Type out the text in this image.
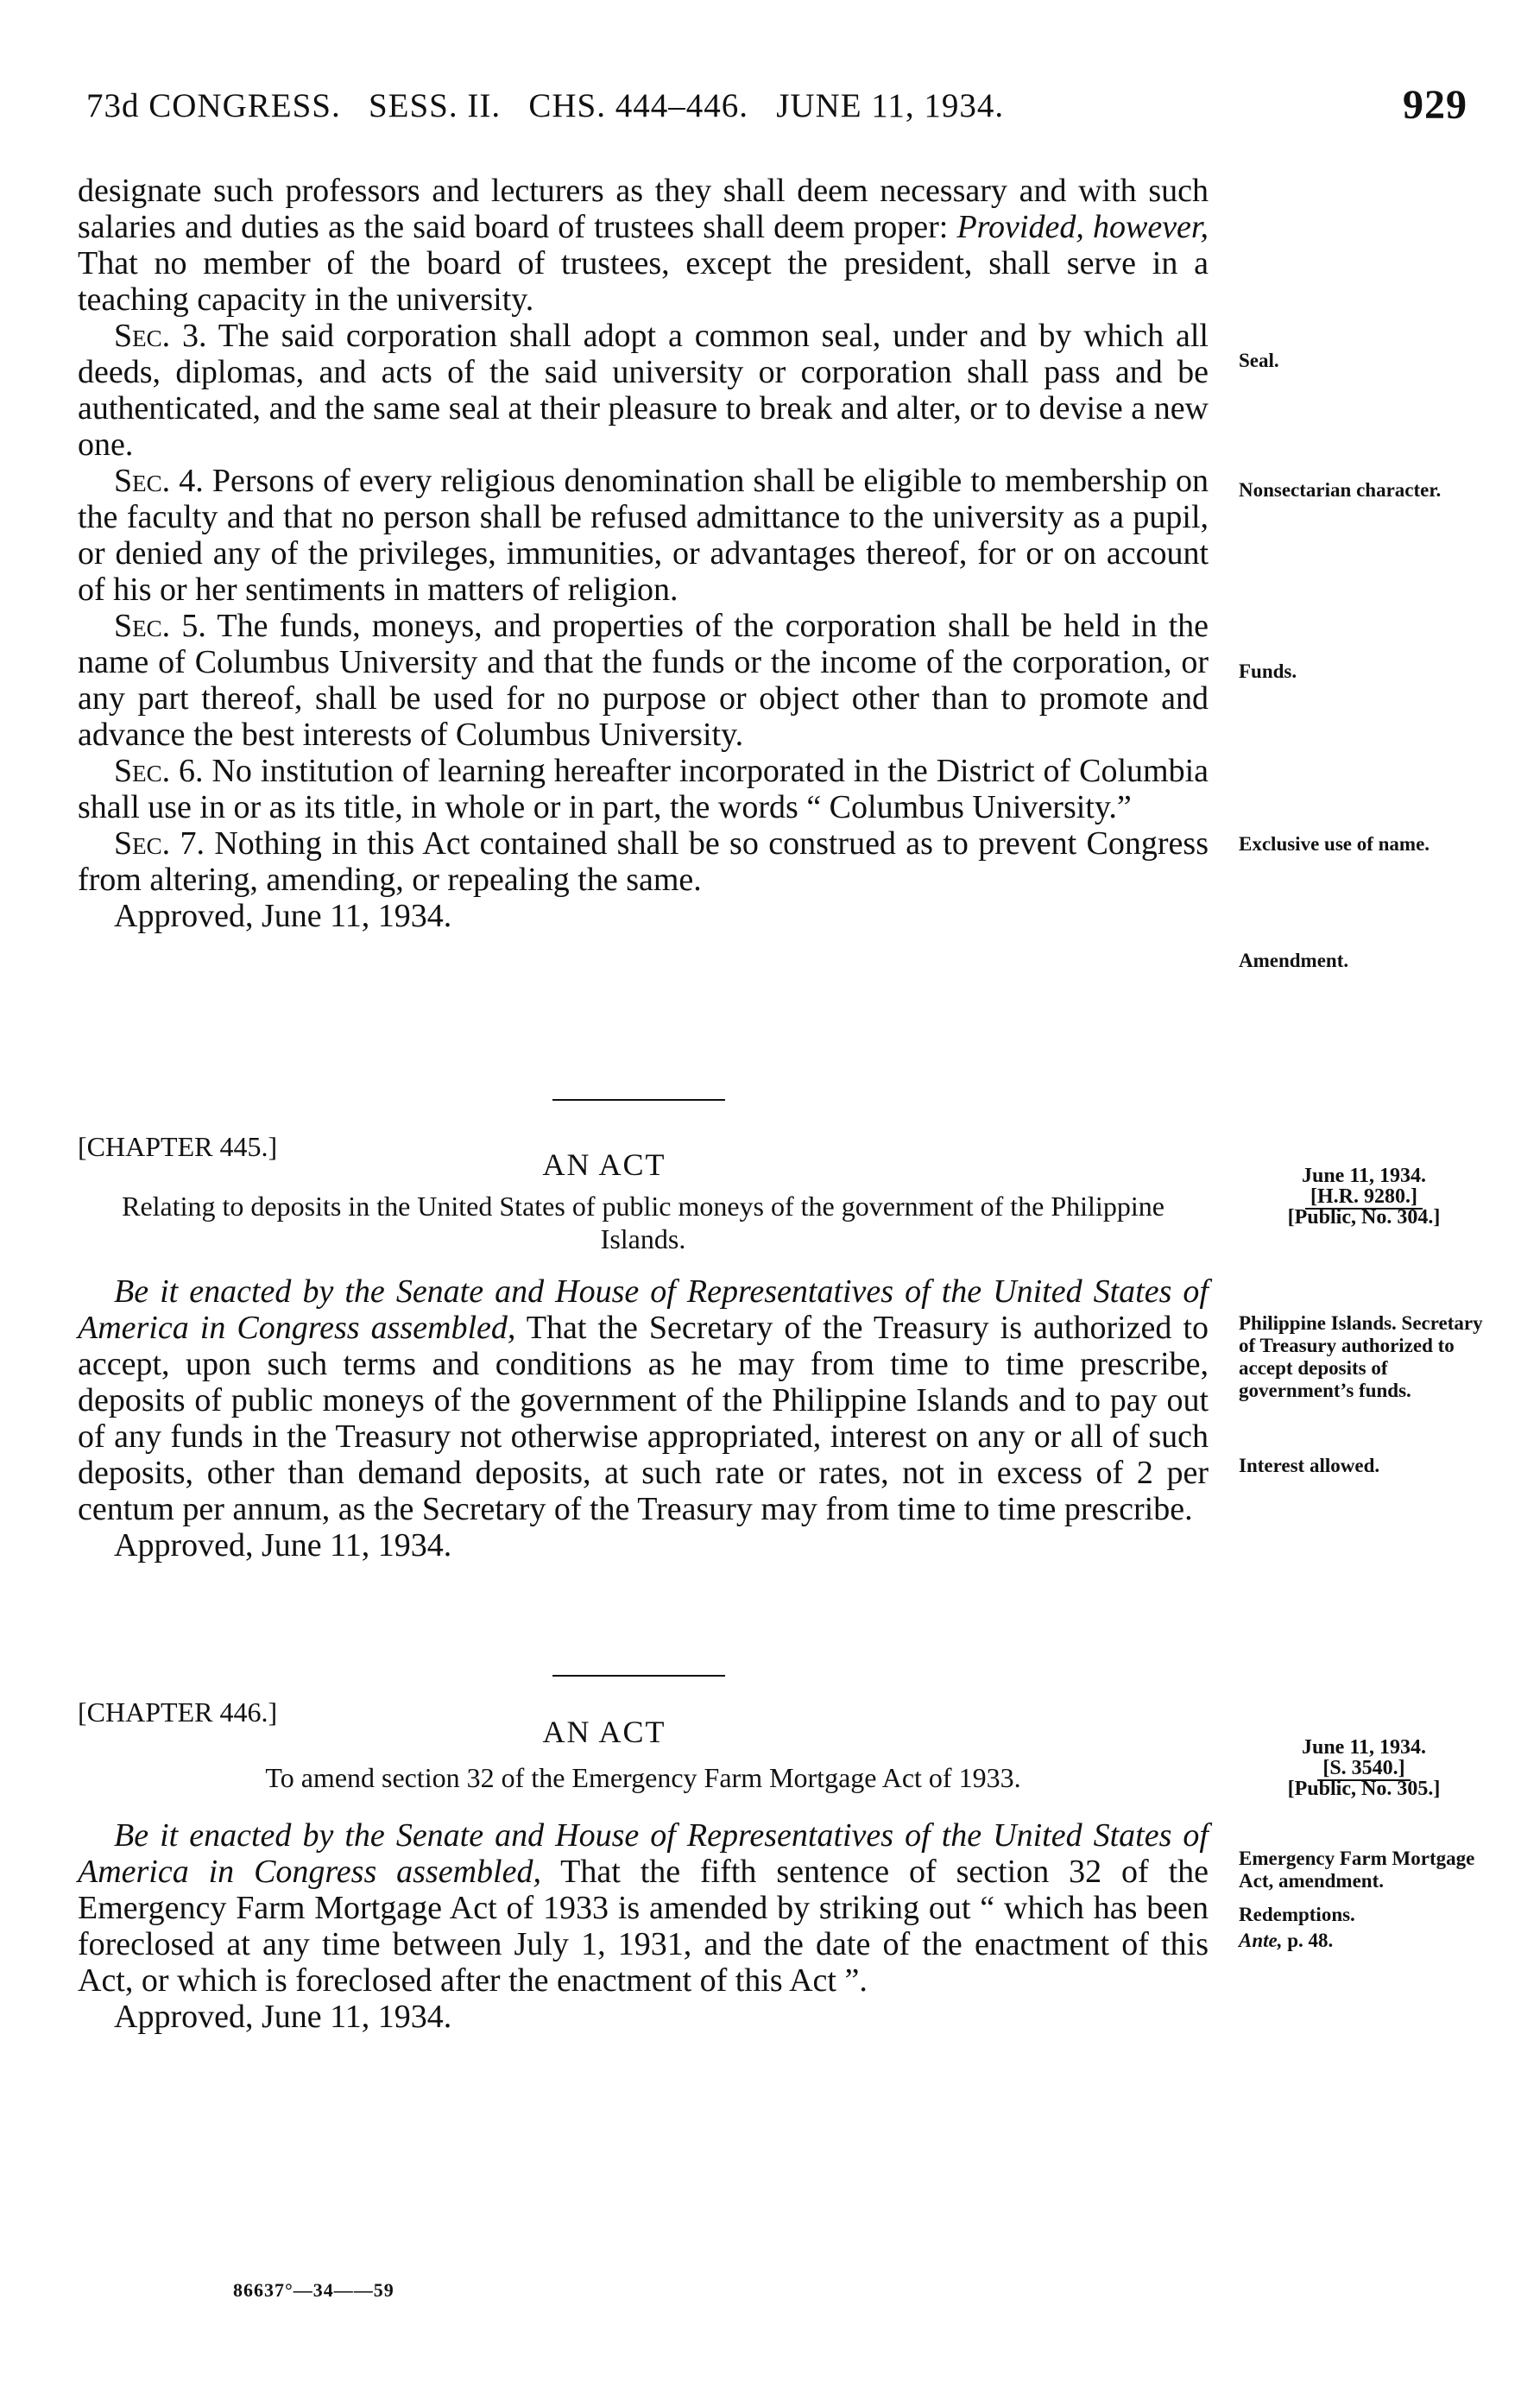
73d CONGRESS.   SESS. II.   CHS. 444–446.   JUNE 11, 1934.	929

designate such professors and lecturers as they shall deem necessary and with such salaries and duties as the said board of trustees shall deem proper: Provided, however, That no member of the board of trustees, except the president, shall serve in a teaching capacity in the university.

Sec. 3. The said corporation shall adopt a common seal, under and by which all deeds, diplomas, and acts of the said university or corporation shall pass and be authenticated, and the same seal at their pleasure to break and alter, or to devise a new one.

Sec. 4. Persons of every religious denomination shall be eligible to membership on the faculty and that no person shall be refused admittance to the university as a pupil, or denied any of the privileges, immunities, or advantages thereof, for or on account of his or her sentiments in matters of religion.

Sec. 5. The funds, moneys, and properties of the corporation shall be held in the name of Columbus University and that the funds or the income of the corporation, or any part thereof, shall be used for no purpose or object other than to promote and advance the best interests of Columbus University.

Sec. 6. No institution of learning hereafter incorporated in the District of Columbia shall use in or as its title, in whole or in part, the words “ Columbus University.”

Sec. 7. Nothing in this Act contained shall be so construed as to prevent Congress from altering, amending, or repealing the same.

Approved, June 11, 1934.

Seal.
Nonsectarian character.
Funds.
Exclusive use of name.
Amendment.
[CHAPTER 445.]
AN ACT
Relating to deposits in the United States of public moneys of the government of the Philippine Islands.
June 11, 1934.
[H.R. 9280.]
[Public, No. 304.]

Be it enacted by the Senate and House of Representatives of the United States of America in Congress assembled, That the Secretary of the Treasury is authorized to accept, upon such terms and conditions as he may from time to time prescribe, deposits of public moneys of the government of the Philippine Islands and to pay out of any funds in the Treasury not otherwise appropriated, interest on any or all of such deposits, other than demand deposits, at such rate or rates, not in excess of 2 per centum per annum, as the Secretary of the Treasury may from time to time prescribe.

Approved, June 11, 1934.

Philippine Islands. Secretary of Treasury authorized to accept deposits of government’s funds.
Interest allowed.
[CHAPTER 446.]
AN ACT
To amend section 32 of the Emergency Farm Mortgage Act of 1933.
June 11, 1934.
[S. 3540.]
[Public, No. 305.]

Be it enacted by the Senate and House of Representatives of the United States of America in Congress assembled, That the fifth sentence of section 32 of the Emergency Farm Mortgage Act of 1933 is amended by striking out “ which has been foreclosed at any time between July 1, 1931, and the date of the enactment of this Act, or which is foreclosed after the enactment of this Act ”.

Approved, June 11, 1934.

Emergency Farm Mortgage Act, amendment.
Redemptions.
Ante, p. 48.
86637°—34——59
